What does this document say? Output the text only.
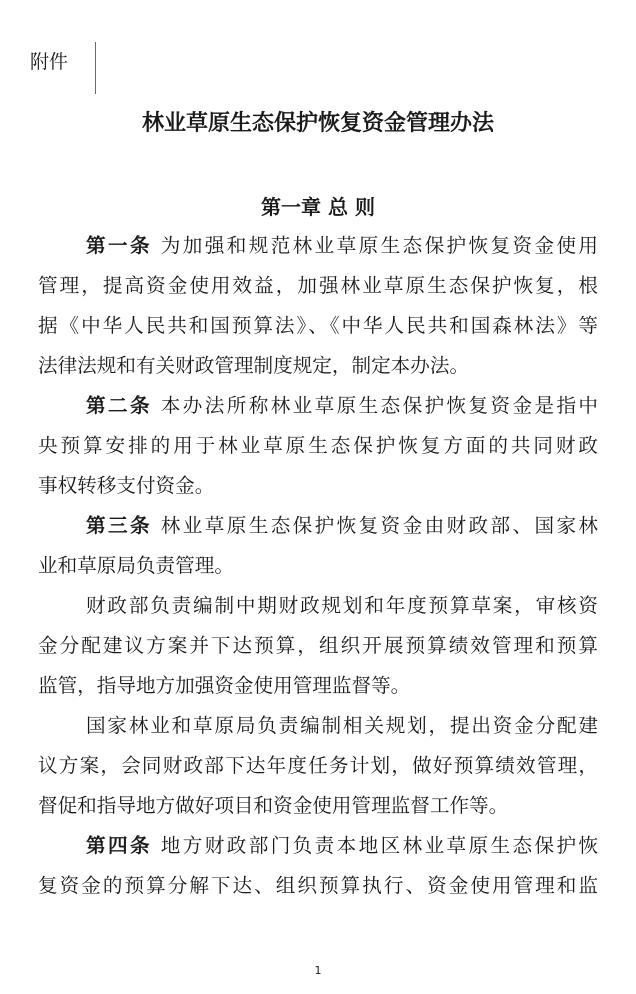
附件
林业草原生态保护恢复资金管理办法
第一章 总 则
第一条  为加强和规范林业草原生态保护恢复资金使用
管理，提高资金使用效益，加强林业草原生态保护恢复，根
据《中华人民共和国预算法》、《中华人民共和国森林法》等
法律法规和有关财政管理制度规定，制定本办法。
第二条  本办法所称林业草原生态保护恢复资金是指中
央预算安排的用于林业草原生态保护恢复方面的共同财政
事权转移支付资金。
第三条  林业草原生态保护恢复资金由财政部、国家林
业和草原局负责管理。
财政部负责编制中期财政规划和年度预算草案，审核资
金分配建议方案并下达预算，组织开展预算绩效管理和预算
监管，指导地方加强资金使用管理监督等。
国家林业和草原局负责编制相关规划，提出资金分配建
议方案，会同财政部下达年度任务计划，做好预算绩效管理，
督促和指导地方做好项目和资金使用管理监督工作等。
第四条  地方财政部门负责本地区林业草原生态保护恢
复资金的预算分解下达、组织预算执行、资金使用管理和监
1
